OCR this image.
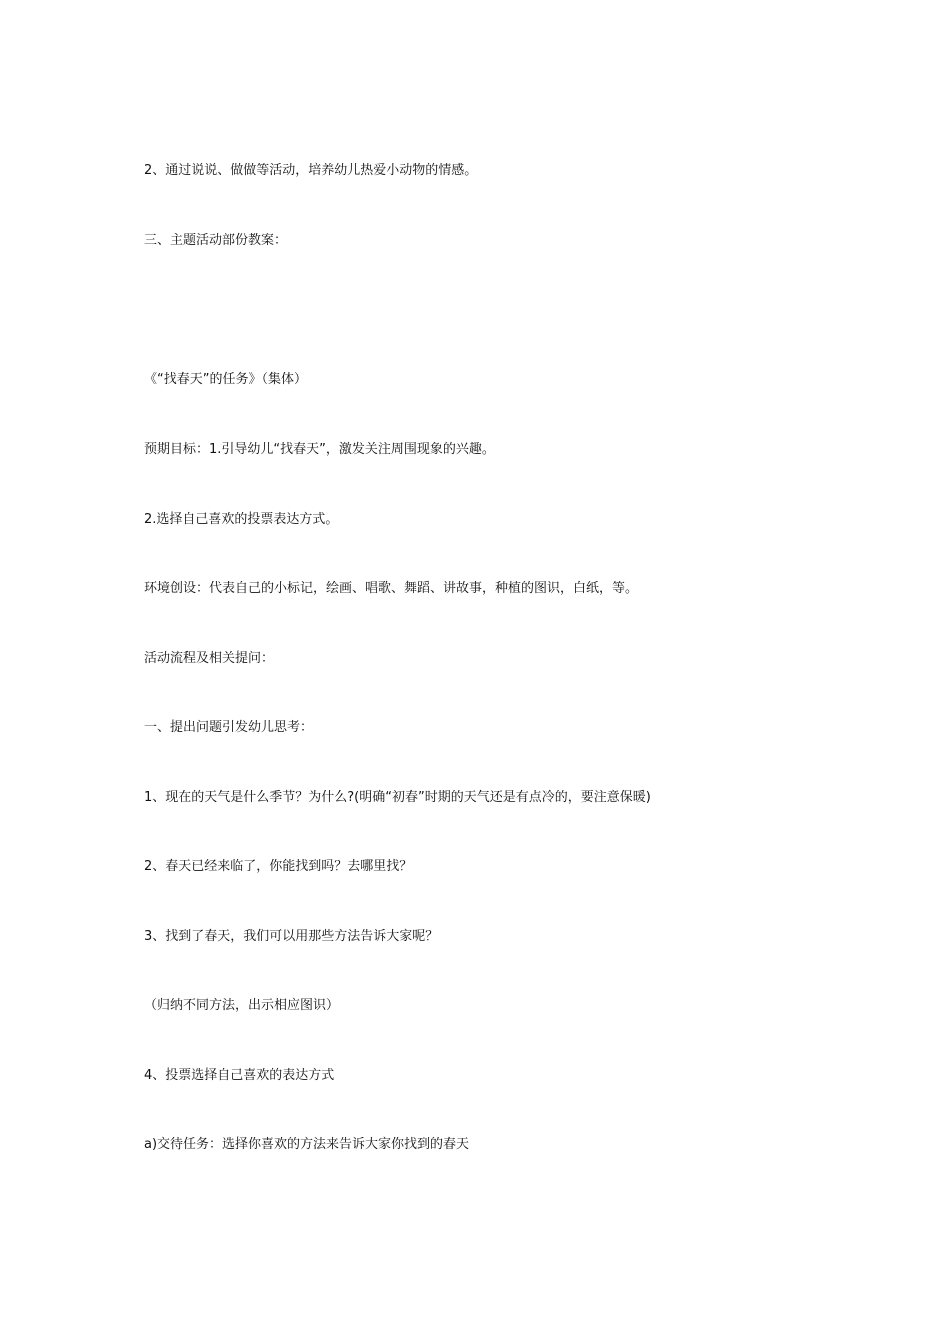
2、通过说说、做做等活动，培养幼儿热爱小动物的情感。

三、主题活动部份教案：

《“找春天”的任务》（集体）

预期目标：1.引导幼儿“找春天”，激发关注周围现象的兴趣。

2.选择自己喜欢的投票表达方式。

环境创设：代表自己的小标记，绘画、唱歌、舞蹈、讲故事，种植的图识，白纸，等。

活动流程及相关提问：

一、提出问题引发幼儿思考：

1、现在的天气是什么季节？为什么?(明确“初春”时期的天气还是有点冷的，要注意保暖)

2、春天已经来临了，你能找到吗？去哪里找？

3、找到了春天，我们可以用那些方法告诉大家呢？

（归纳不同方法，出示相应图识）

4、投票选择自己喜欢的表达方式

a)交待任务：选择你喜欢的方法来告诉大家你找到的春天
